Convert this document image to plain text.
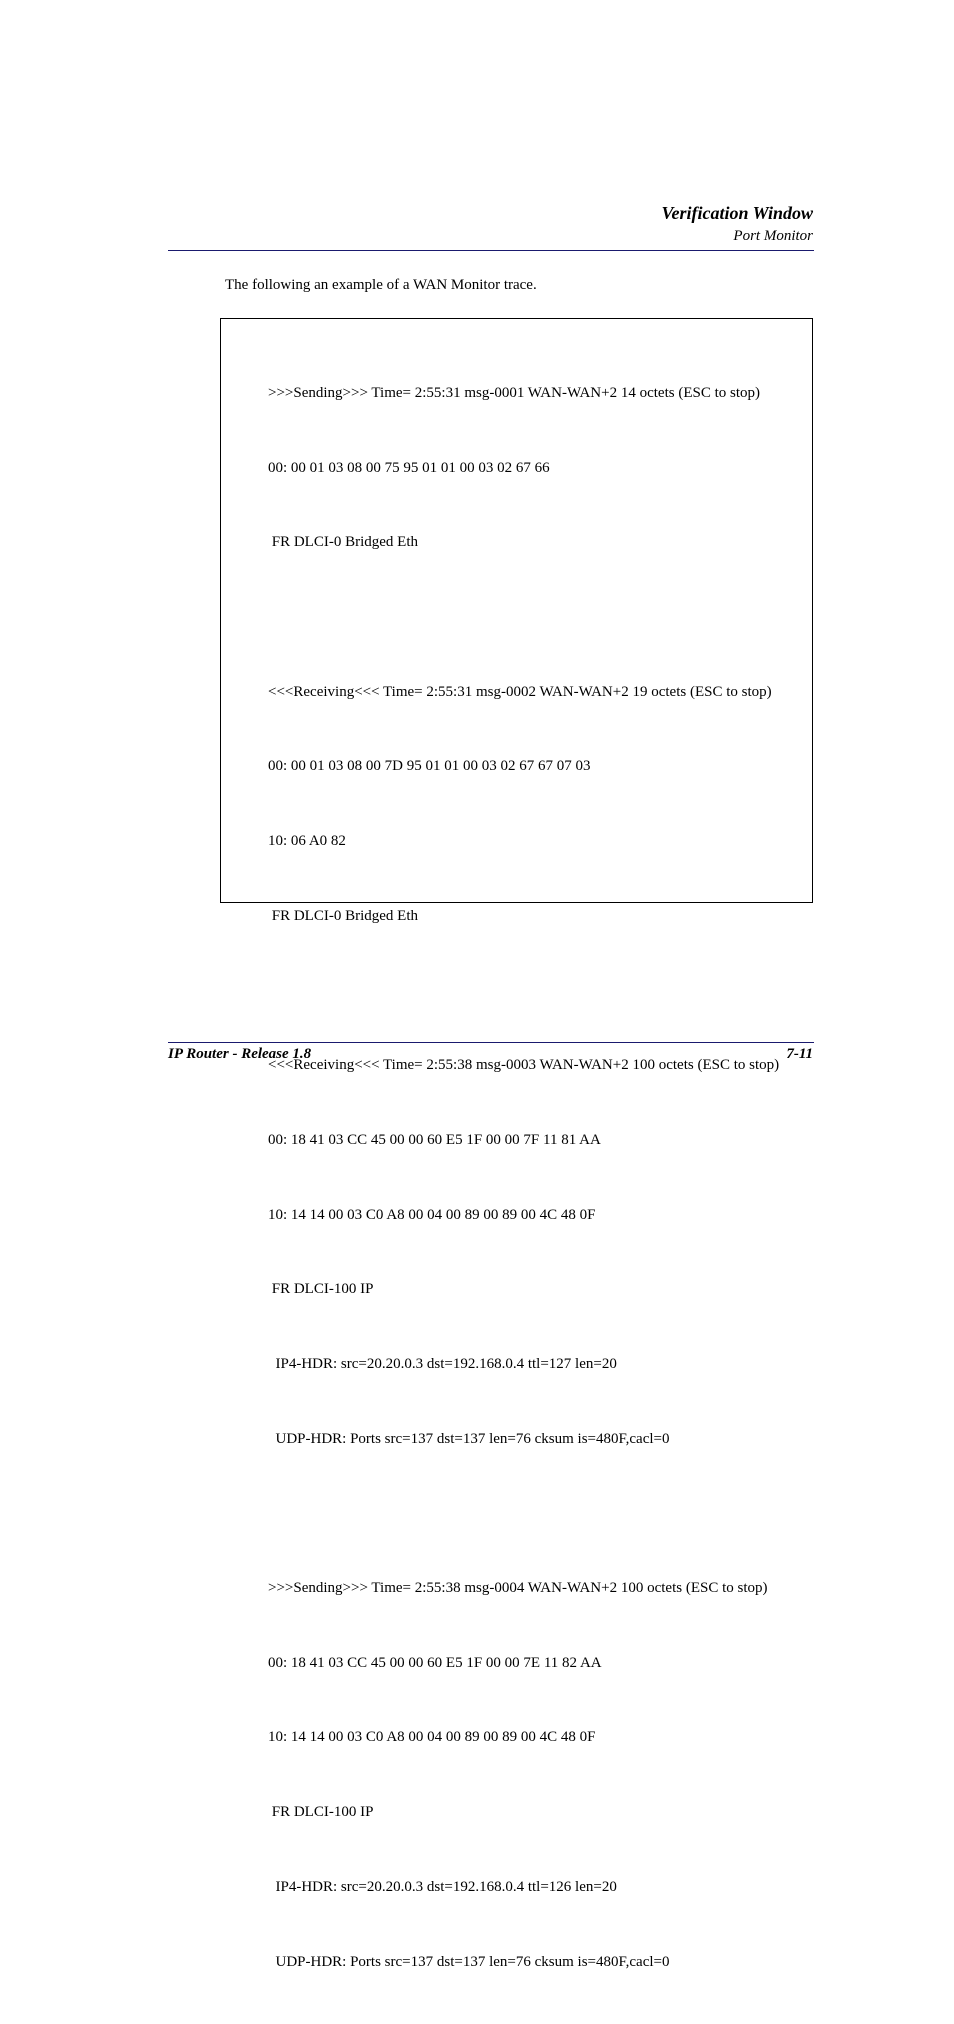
Verification Window
Port Monitor
The following an example of a WAN Monitor trace.

>>>Sending>>> Time= 2:55:31 msg-0001 WAN-WAN+2 14 octets (ESC to stop)

00: 00 01 03 08 00 75 95 01 01 00 03 02 67 66

FR DLCI-0 Bridged Eth

<<<Receiving<<< Time= 2:55:31 msg-0002 WAN-WAN+2 19 octets (ESC to stop)

00: 00 01 03 08 00 7D 95 01 01 00 03 02 67 67 07 03

10: 06 A0 82

FR DLCI-0 Bridged Eth

<<<Receiving<<< Time= 2:55:38 msg-0003 WAN-WAN+2 100 octets (ESC to stop)

00: 18 41 03 CC 45 00 00 60 E5 1F 00 00 7F 11 81 AA

10: 14 14 00 03 C0 A8 00 04 00 89 00 89 00 4C 48 0F

FR DLCI-100 IP

IP4-HDR: src=20.20.0.3 dst=192.168.0.4 ttl=127 len=20

UDP-HDR: Ports src=137 dst=137 len=76 cksum is=480F,cacl=0

>>>Sending>>> Time= 2:55:38 msg-0004 WAN-WAN+2 100 octets (ESC to stop)

00: 18 41 03 CC 45 00 00 60 E5 1F 00 00 7E 11 82 AA

10: 14 14 00 03 C0 A8 00 04 00 89 00 89 00 4C 48 0F

FR DLCI-100 IP

IP4-HDR: src=20.20.0.3 dst=192.168.0.4 ttl=126 len=20

UDP-HDR: Ports src=137 dst=137 len=76 cksum is=480F,cacl=0

IP Router - Release 1.8	7-11
